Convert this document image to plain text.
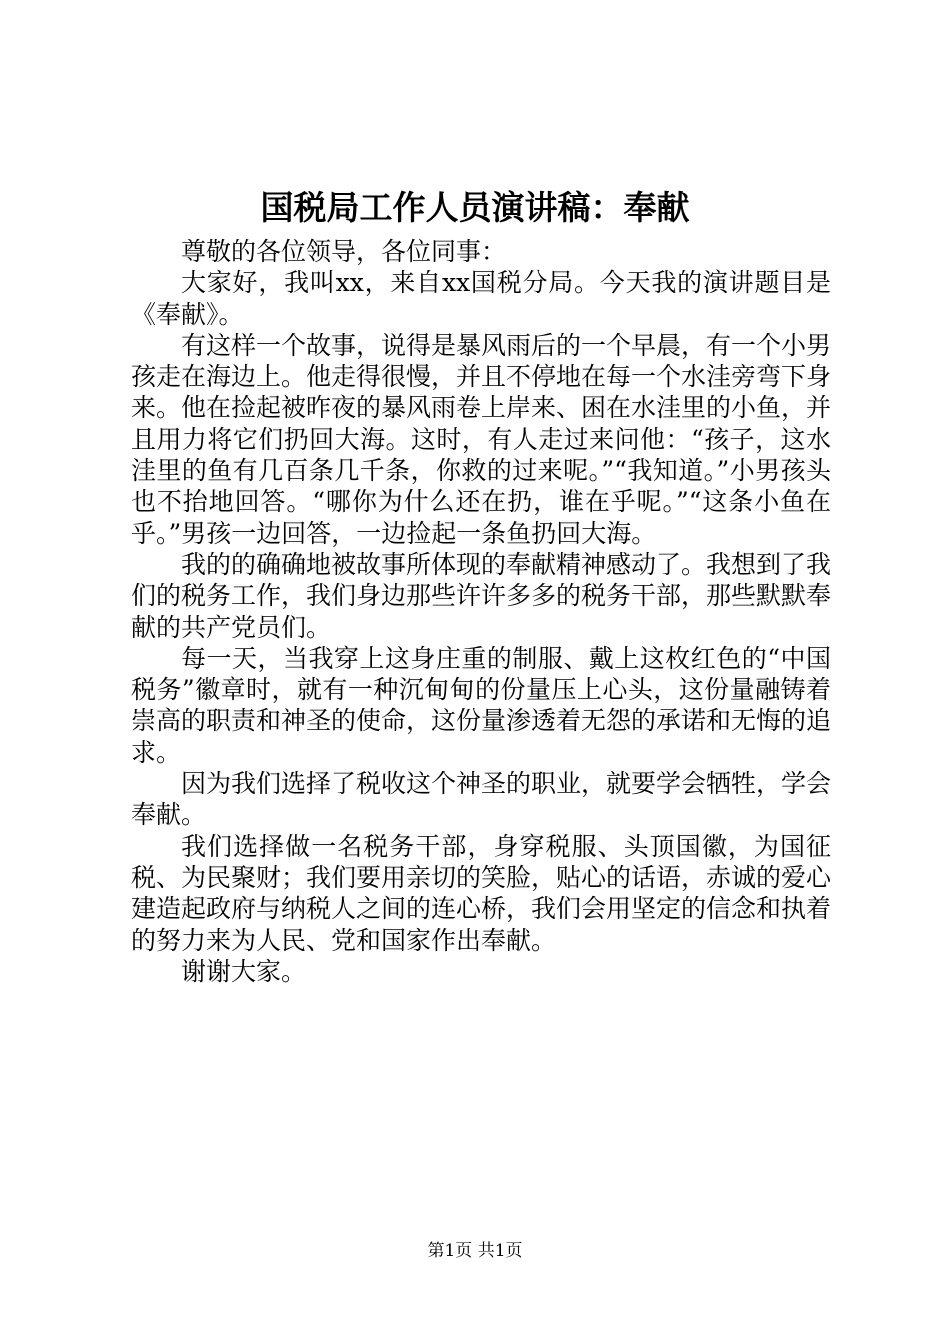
国税局工作人员演讲稿：奉献

尊敬的各位领导，各位同事：

大家好，我叫xx，来自xx国税分局。今天我的演讲题目是《奉献》。

有这样一个故事，说得是暴风雨后的一个早晨，有一个小男孩走在海边上。他走得很慢，并且不停地在每一个水洼旁弯下身来。他在捡起被昨夜的暴风雨卷上岸来、困在水洼里的小鱼，并且用力将它们扔回大海。这时，有人走过来问他：“孩子，这水洼里的鱼有几百条几千条，你救的过来呢。”“我知道。”小男孩头也不抬地回答。“哪你为什么还在扔，谁在乎呢。”“这条小鱼在乎。”男孩一边回答，一边捡起一条鱼扔回大海。

我的的确确地被故事所体现的奉献精神感动了。我想到了我们的税务工作，我们身边那些许许多多的税务干部，那些默默奉献的共产党员们。

每一天，当我穿上这身庄重的制服、戴上这枚红色的“中国税务”徽章时，就有一种沉甸甸的份量压上心头，这份量融铸着崇高的职责和神圣的使命，这份量渗透着无怨的承诺和无悔的追求。

因为我们选择了税收这个神圣的职业，就要学会牺牲，学会奉献。

我们选择做一名税务干部，身穿税服、头顶国徽，为国征税、为民聚财；我们要用亲切的笑脸，贴心的话语，赤诚的爱心建造起政府与纳税人之间的连心桥，我们会用坚定的信念和执着的努力来为人民、党和国家作出奉献。

谢谢大家。

第1页 共1页
